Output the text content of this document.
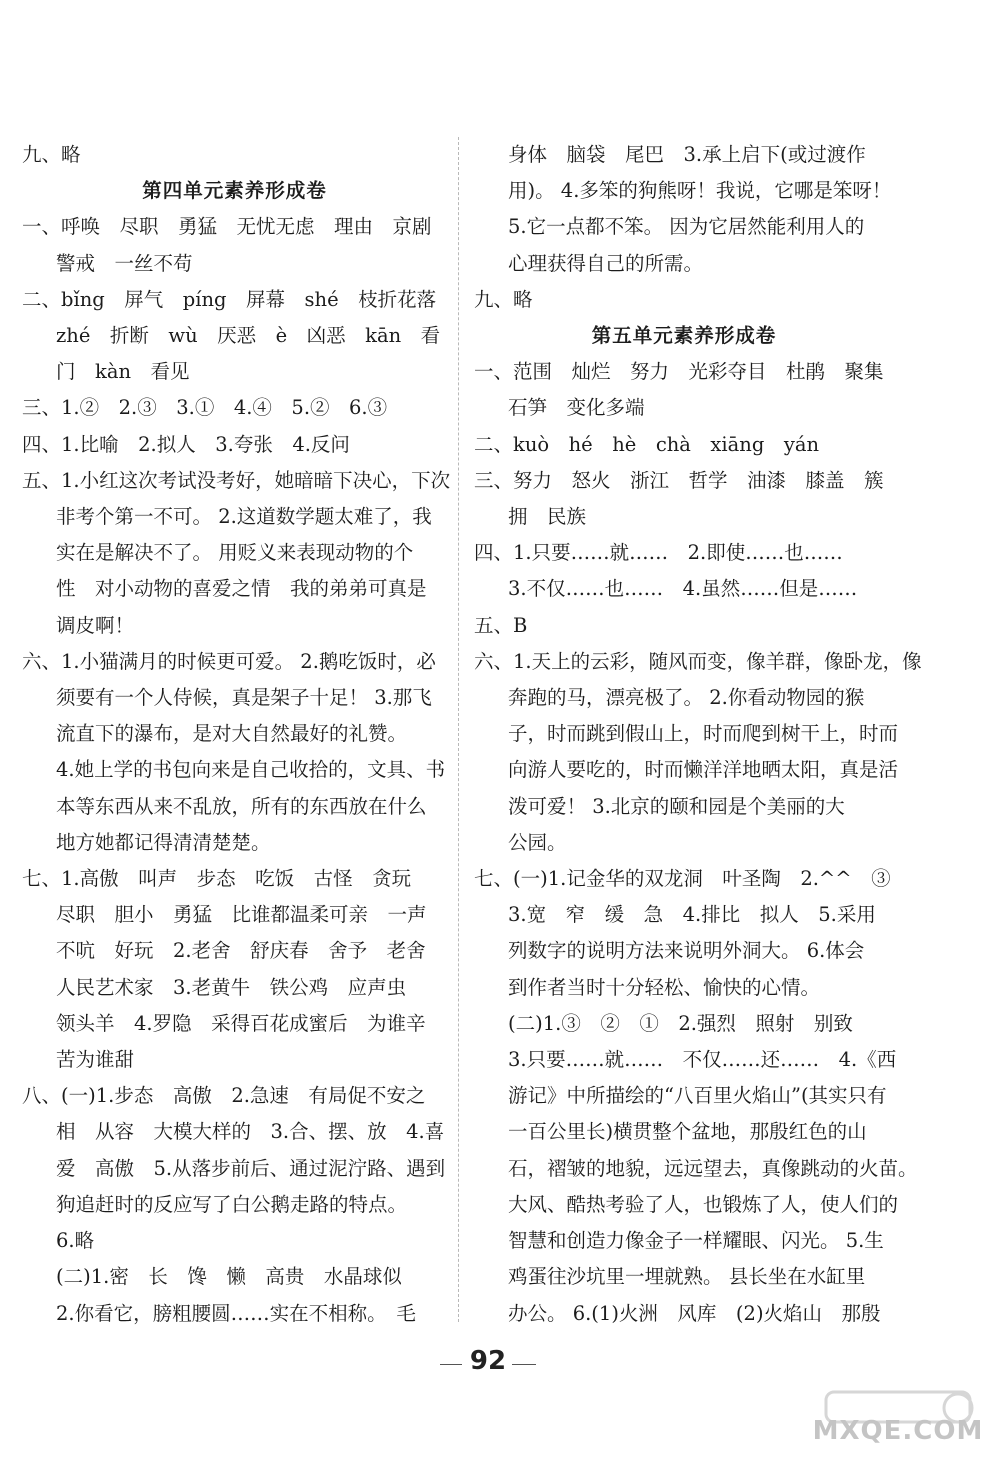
九、略
第四单元素养形成卷
一、呼唤　尽职　勇猛　无忧无虑　理由　京剧
警戒　一丝不苟
二、bǐng　屏气　píng　屏幕　shé　枝折花落
zhé　折断　wù　厌恶　è　凶恶　kān　看
门　kàn　看见
三、1.②　2.③　3.①　4.④　5.②　6.③
四、1.比喻　2.拟人　3.夸张　4.反问
五、1.小红这次考试没考好，她暗暗下决心，下次
非考个第一不可。 2.这道数学题太难了，我
实在是解决不了。 用贬义来表现动物的个
性　对小动物的喜爱之情　我的弟弟可真是
调皮啊！
六、1.小猫满月的时候更可爱。 2.鹅吃饭时，必
须要有一个人侍候，真是架子十足！ 3.那飞
流直下的瀑布，是对大自然最好的礼赞。
4.她上学的书包向来是自己收拾的，文具、书
本等东西从来不乱放，所有的东西放在什么
地方她都记得清清楚楚。
七、1.高傲　叫声　步态　吃饭　古怪　贪玩
尽职　胆小　勇猛　比谁都温柔可亲　一声
不吭　好玩　2.老舍　舒庆春　舍予　老舍
人民艺术家　3.老黄牛　铁公鸡　应声虫
领头羊　4.罗隐　采得百花成蜜后　为谁辛
苦为谁甜
八、(一)1.步态　高傲　2.急速　有局促不安之
相　从容　大模大样的　3.合、摆、放　4.喜
爱　高傲　5.从落步前后、通过泥泞路、遇到
狗追赶时的反应写了白公鹅走路的特点。
6.略
(二)1.密　长　馋　懒　高贵　水晶球似
2.你看它，膀粗腰圆……实在不相称。　毛
身体　脑袋　尾巴　3.承上启下(或过渡作
用)。 4.多笨的狗熊呀！我说，它哪是笨呀！
5.它一点都不笨。 因为它居然能利用人的
心理获得自己的所需。
九、略
第五单元素养形成卷
一、范围　灿烂　努力　光彩夺目　杜鹃　聚集
石笋　变化多端
二、kuò　hé　hè　chà　xiāng　yán
三、努力　怒火　浙江　哲学　油漆　膝盖　簇
拥　民族
四、1.只要……就……　2.即使……也……
3.不仅……也……　4.虽然……但是……
五、B
六、1.天上的云彩，随风而变，像羊群，像卧龙，像
奔跑的马，漂亮极了。 2.你看动物园的猴
子，时而跳到假山上，时而爬到树干上，时而
向游人要吃的，时而懒洋洋地晒太阳，真是活
泼可爱！ 3.北京的颐和园是个美丽的大
公园。
七、(一)1.记金华的双龙洞　叶圣陶　2.^^　③
3.宽　窄　缓　急　4.排比　拟人　5.采用
列数字的说明方法来说明外洞大。 6.体会
到作者当时十分轻松、愉快的心情。
(二)1.③　②　①　2.强烈　照射　别致
3.只要……就……　不仅……还……　4.《西
游记》中所描绘的“八百里火焰山”(其实只有
一百公里长)横贯整个盆地，那殷红色的山
石，褶皱的地貌，远远望去，真像跳动的火苗。
大风、酷热考验了人，也锻炼了人，使人们的
智慧和创造力像金子一样耀眼、闪光。 5.生
鸡蛋往沙坑里一埋就熟。 县长坐在水缸里
办公。 6.(1)火洲　风库　(2)火焰山　那殷
92
MXQE.COM
